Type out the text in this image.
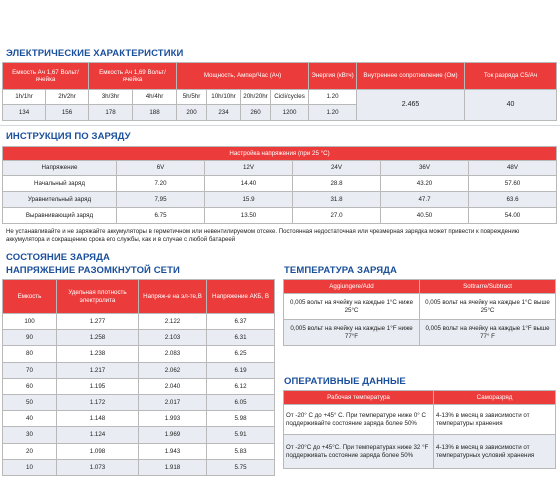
ЭЛЕКТРИЧЕСКИЕ ХАРАКТЕРИСТИКИ
Емкость Ач 1,67 Вольт/ячейка		Емкость Ач 1,69 Вольт/ячейка		Мощность, Ампер/Час (Ач)				Энергия (кВтч)	Внутреннее сопротивление (Ом)	Ток разряда C5/Ач
1h/1hr	2h/2hr	3h/3hr	4h/4hr	5h/5hr	10h/10hr	20h/20hr	Cicli/cycles	1.20	2.465	40
134	156	178	188	200	234	260	1200	1.20		
ИНСТРУКЦИЯ ПО ЗАРЯДУ
Настройка напряжения (при 25 °C)					
Напряжение	6V	12V	24V	36V	48V
Начальный заряд	7.20	14.40	28.8	43.20	57.60
Уравнительный заряд	7,95	15.9	31.8	47.7	63.6
Выравнивающий заряд	6.75	13.50	27.0	40.50	54.00
Не устанавливайте и не заряжайте аккумуляторы в герметичном или невентилируемом отсеке. Постоянная недостаточная или чрезмерная зарядка может привести к повреждению аккумулятора и сокращению срока его службы, как и в случае с любой батареей
СОСТОЯНИЕ ЗАРЯДА
НАПРЯЖЕНИЕ РАЗОМКНУТОЙ СЕТИ
Емкость	Удельная плотность электролита	Напряж-е на эл-те,В	Напряжение АКБ, В
100	1.277	2.122	6.37
90	1.258	2.103	6.31
80	1.238	2.083	6.25
70	1.217	2.062	6.19
60	1.195	2.040	6.12
50	1.172	2.017	6.05
40	1.148	1.993	5.98
30	1.124	1.969	5.91
20	1.098	1.943	5.83
10	1.073	1.918	5.75
ТЕМПЕРАТУРА ЗАРЯДА
Aggiungere/Add	Sottrarre/Subtract
0,005 вольт на ячейку на каждые 1°C ниже 25°C	0,005 вольт на ячейку на каждые 1°C выше 25°C
0,005 вольт на ячейку на каждые 1°F ниже 77°F	0,005 вольт на ячейку на каждые 1°F выше 77° F
ОПЕРАТИВНЫЕ ДАННЫЕ
Рабочая температура	Саморазряд
От -20° С до +45° С. При температуре ниже 0° С поддерживайте состояние заряда более 50%	4-13% в месяц в зависимости от температуры хранения
От -20°C до +45°C. При температурах ниже 32 °F поддерживать состояние заряда более 50%	4-13% в месяц в зависимости от температурных условий хранения
